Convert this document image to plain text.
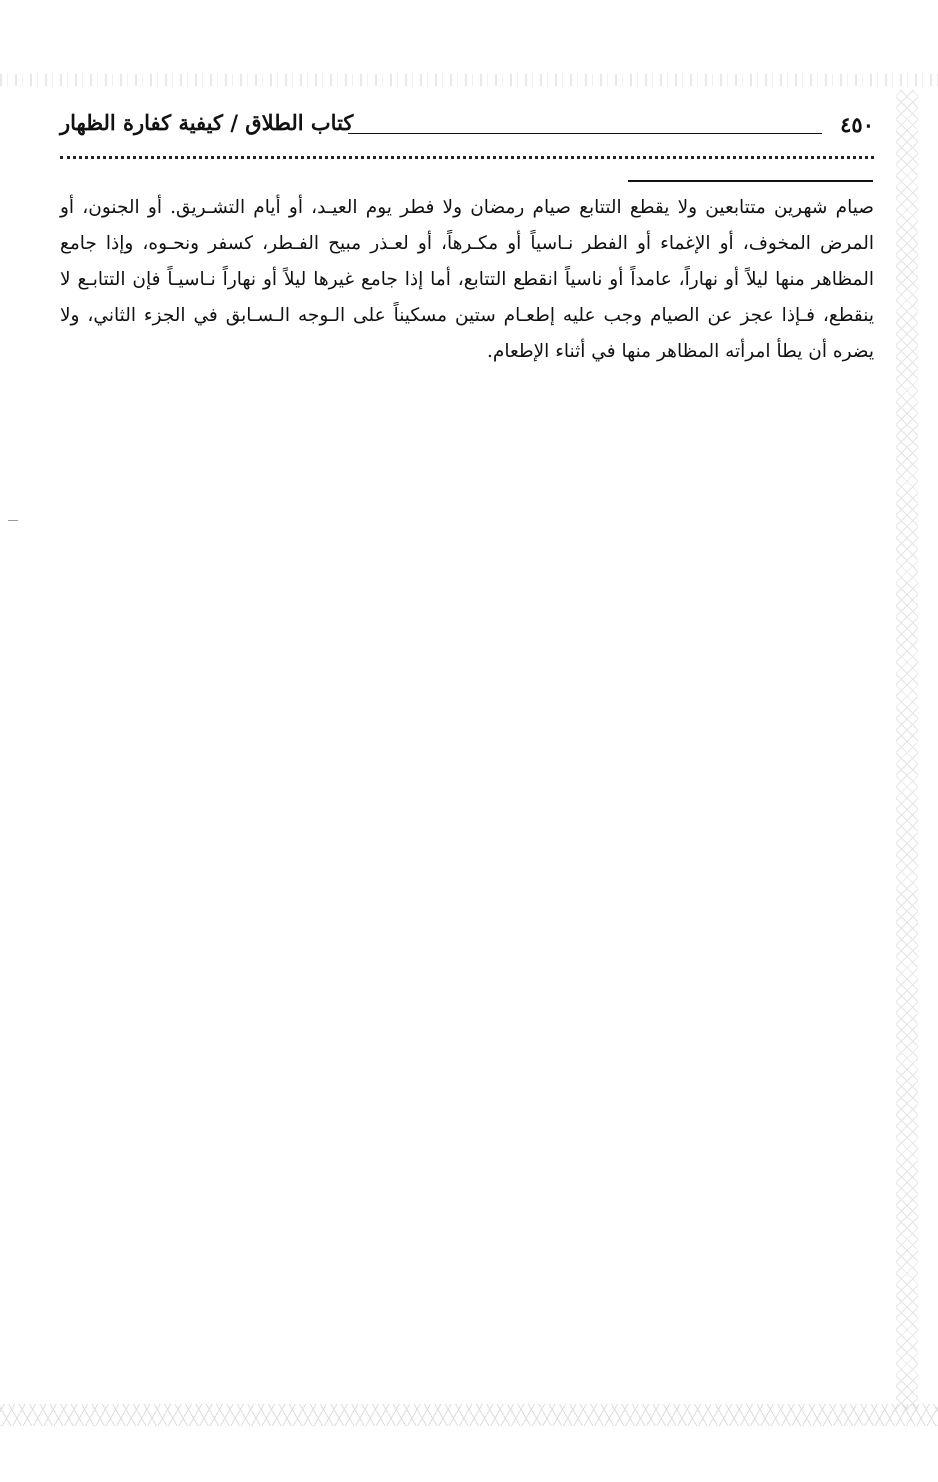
٤٥٠
كتاب الطلاق / كيفية كفارة الظهار

صيام شهرين متتابعين ولا يقطع التتابع صيام رمضان ولا فطر يوم العيـد، أو أيام التشـريق. أو الجنون، أو المرض المخوف، أو الإغماء أو الفطر نـاسياً أو مكـرهاً، أو لعـذر مبيح الفـطر، كسفر ونحـوه، وإذا جامع المظاهر منها ليلاً أو نهاراً، عامداً أو ناسياً انقطع التتابع، أما إذا جامع غيرها ليلاً أو نهاراً نـاسيـاً فإن التتابـع لا ينقطع، فـإذا عجز عن الصيام وجب عليه إطعـام ستين مسكيناً على الـوجه الـسـابق في الجزء الثاني، ولا يضره أن يطأ امرأته المظاهر منها في أثناء الإطعام.
